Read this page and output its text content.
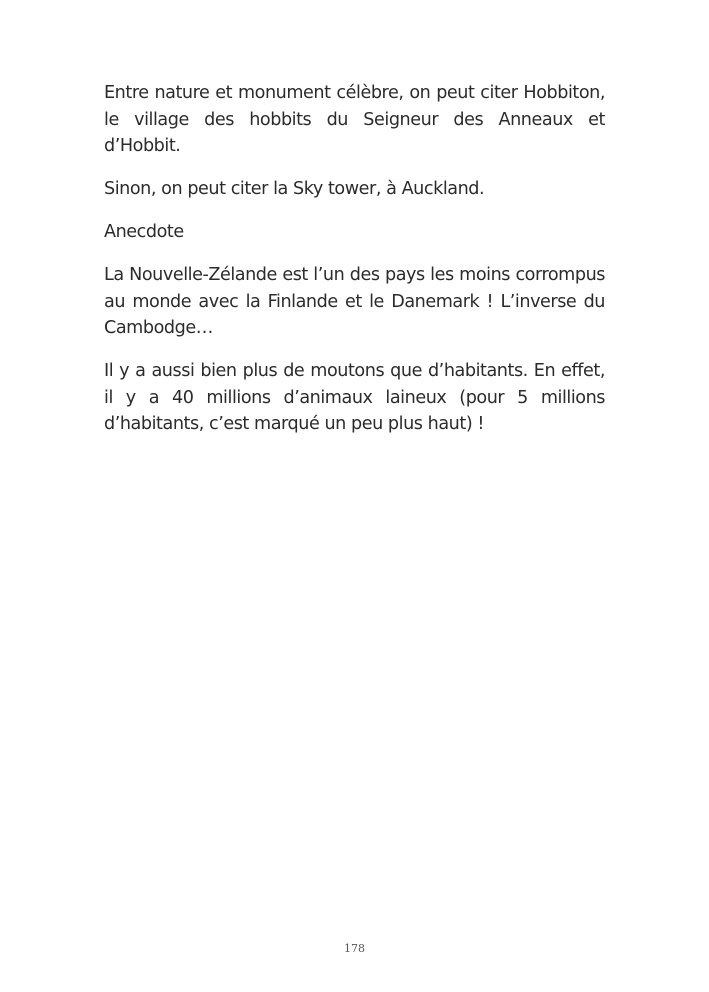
Entre nature et monument célèbre, on peut citer Hobbiton, le village des hobbits du Seigneur des Anneaux et d’Hobbit.

Sinon, on peut citer la Sky tower, à Auckland.

Anecdote

La Nouvelle-Zélande est l’un des pays les moins corrompus au monde avec la Finlande et le Danemark ! L’inverse du Cambodge…

Il y a aussi bien plus de moutons que d’habitants. En effet, il y a 40 millions d’animaux laineux (pour 5 millions d’habitants, c’est marqué un peu plus haut) !

178
